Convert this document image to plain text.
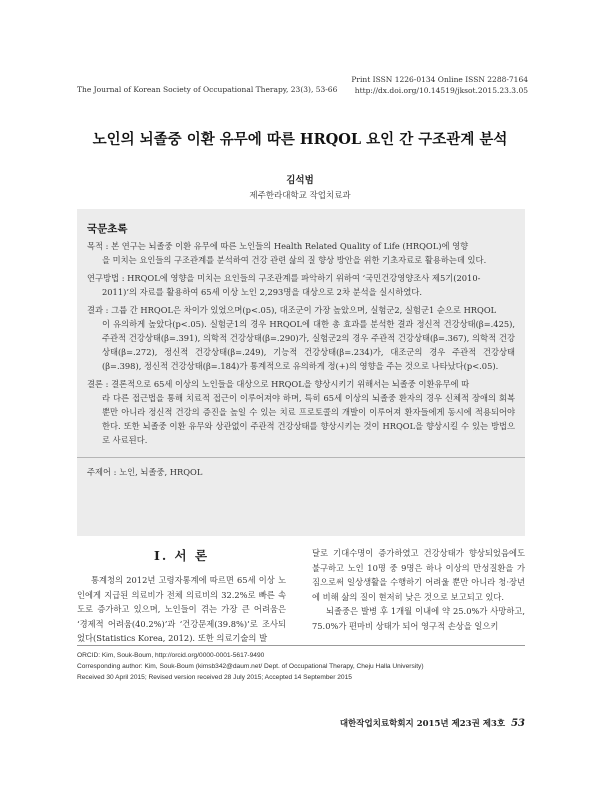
The Journal of Korean Society of Occupational Therapy, 23(3), 53-66
Print ISSN 1226-0134 Online ISSN 2288-7164
http://dx.doi.org/10.14519/jksot.2015.23.3.05
노인의 뇌졸중 이환 유무에 따른 HRQOL 요인 간 구조관계 분석
김석범
제주한라대학교 작업치료과
국문초록
목적 : 본 연구는 뇌졸중 이환 유무에 따른 노인들의 Health Related Quality of Life (HRQOL)에 영향
을 미치는 요인들의 구조관계를 분석하여 건강 관련 삶의 질 향상 방안을 위한 기초자료로 활용하는데 있다.
연구방법 : HRQOL에 영향을 미치는 요인들의 구조관계를 파악하기 위하여 ‘국민건강영양조사 제5기(2010-
2011)’의 자료를 활용하여 65세 이상 노인 2,293명을 대상으로 2차 분석을 실시하였다.
결과 : 그룹 간 HRQOL은 차이가 있었으며(p<.05), 대조군이 가장 높았으며, 실험군2, 실험군1 순으로 HRQOL
이 유의하게 높았다(p<.05). 실험군1의 경우 HRQOL에 대한 총 효과를 분석한 결과 정신적 건강상태(β=.425), 주관적 건강상태(β=.391), 의학적 건강상태(β=.290)가, 실험군2의 경우 주관적 건강상태(β=.367), 의학적 건강상태(β=.272), 정신적 건강상태(β=.249), 기능적 건강상태(β=.234)가, 대조군의 경우 주관적 건강상태(β=.398), 정신적 건강상태(β=.184)가 통계적으로 유의하게 정(+)의 영향을 주는 것으로 나타났다(p<.05).
결론 : 결론적으로 65세 이상의 노인들을 대상으로 HRQOL을 향상시키기 위해서는 뇌졸중 이환유무에 따
라 다른 접근법을 통해 치료적 접근이 이루어져야 하며, 특히 65세 이상의 뇌졸중 환자의 경우 신체적 장애의 회복뿐만 아니라 정신적 건강의 증진을 높일 수 있는 치료 프로토콜의 개발이 이루어져 환자들에게 동시에 적용되어야 한다. 또한 뇌졸중 이환 유무와 상관없이 주관적 건강상태를 향상시키는 것이 HRQOL을 향상시킬 수 있는 방법으로 사료된다.
주제어 : 노인, 뇌졸중, HRQOL
Ⅰ. 서 론

통계청의 2012년 고령자통계에 따르면 65세 이상 노인에게 지급된 의료비가 전체 의료비의 32.2%로 빠른 속도로 증가하고 있으며, 노인들이 겪는 가장 큰 어려움은 ‘경제적 어려움(40.2%)’과 ‘건강문제(39.8%)’로 조사되었다(Statistics Korea, 2012). 또한 의료기술의 발

달로 기대수명이 증가하였고 건강상태가 향상되었음에도 불구하고 노인 10명 중 9명은 하나 이상의 만성질환을 가짐으로써 일상생활을 수행하기 어려울 뿐만 아니라 청·장년에 비해 삶의 질이 현저히 낮은 것으로 보고되고 있다.

뇌졸중은 발병 후 1개월 이내에 약 25.0%가 사망하고, 75.0%가 편마비 상태가 되어 영구적 손상을 일으키

ORCID: Kim, Souk-Boum, http://orcid.org/0000-0001-5617-9490
Corresponding author: Kim, Souk-Boum (kimsb342@daum.net/ Dept. of Occupational Therapy, Cheju Halla University)
Received 30 April 2015; Revised version received 28 July 2015; Accepted 14 September 2015
대한작업치료학회지 2015년 제23권 제3호 53
